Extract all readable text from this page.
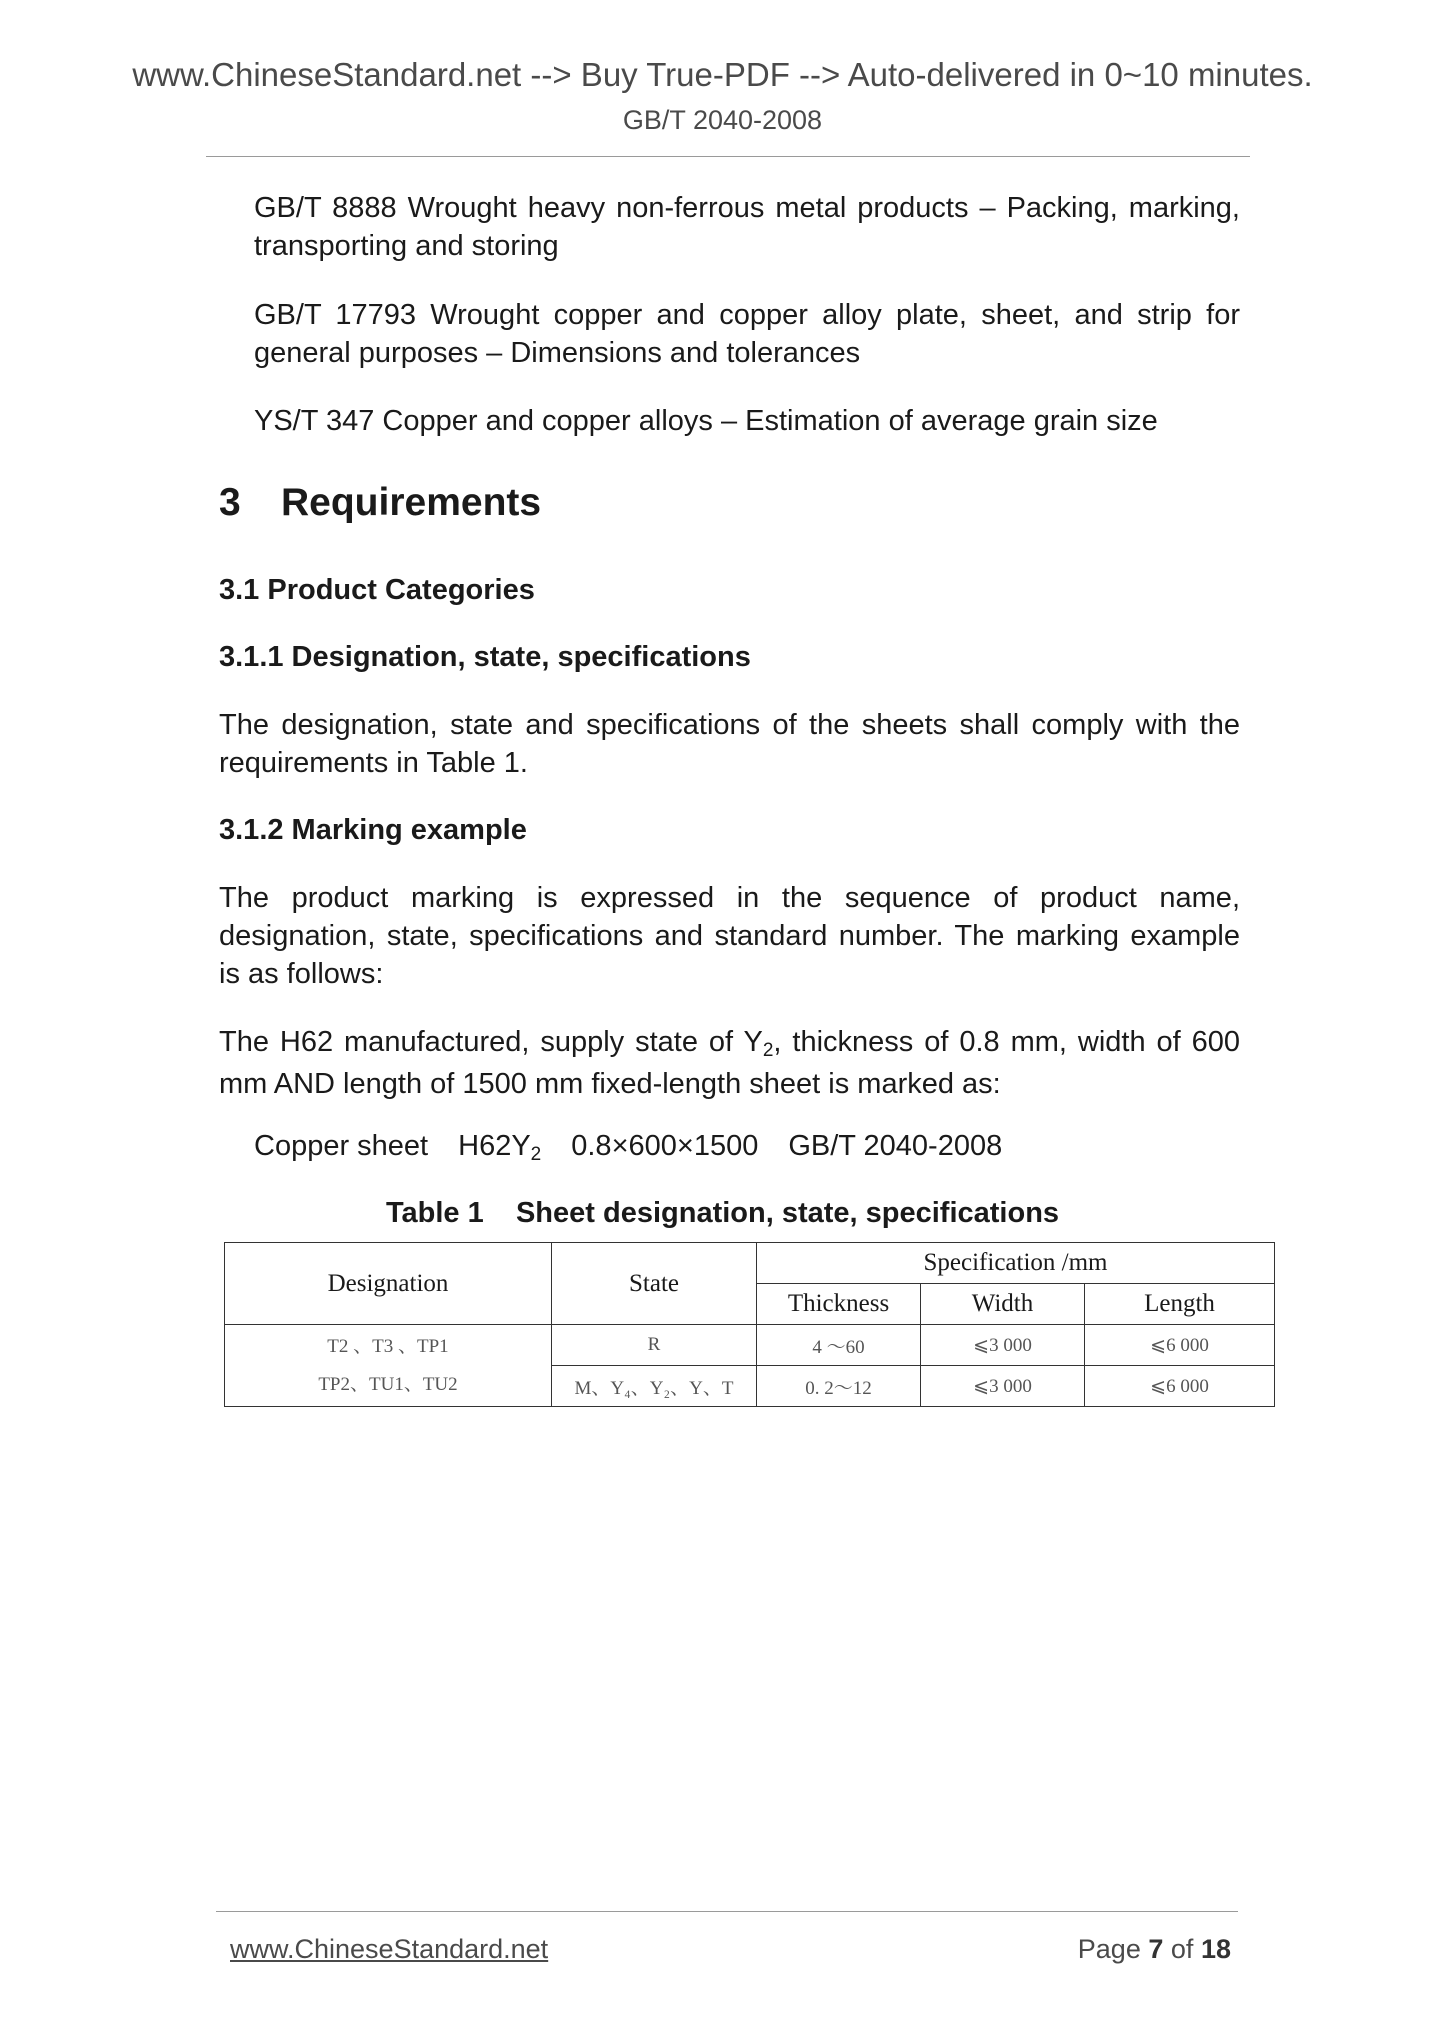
www.ChineseStandard.net --> Buy True-PDF --> Auto-delivered in 0~10 minutes.
GB/T 2040-2008
GB/T 8888 Wrought heavy non-ferrous metal products – Packing, marking, transporting and storing
GB/T 17793 Wrought copper and copper alloy plate, sheet, and strip for general purposes – Dimensions and tolerances
YS/T 347 Copper and copper alloys – Estimation of average grain size
3 Requirements
3.1 Product Categories
3.1.1 Designation, state, specifications
The designation, state and specifications of the sheets shall comply with the requirements in Table 1.
3.1.2 Marking example
The product marking is expressed in the sequence of product name, designation, state, specifications and standard number. The marking example is as follows:
The H62 manufactured, supply state of Y2, thickness of 0.8 mm, width of 600 mm AND length of 1500 mm fixed-length sheet is marked as:
Copper sheet H62Y2 0.8×600×1500 GB/T 2040-2008
Table 1    Sheet designation, state, specifications
Designation	State	Specification /mm		
		Thickness	Width	Length

T2 、T3 、TP1
TP2、TU1、TU2	R	4 ～60	⩽3 000	⩽6 000
	M、Y₄、Y₂、Y、T	0. 2～12	⩽3 000	⩽6 000
www.ChineseStandard.net	Page 7 of 18
